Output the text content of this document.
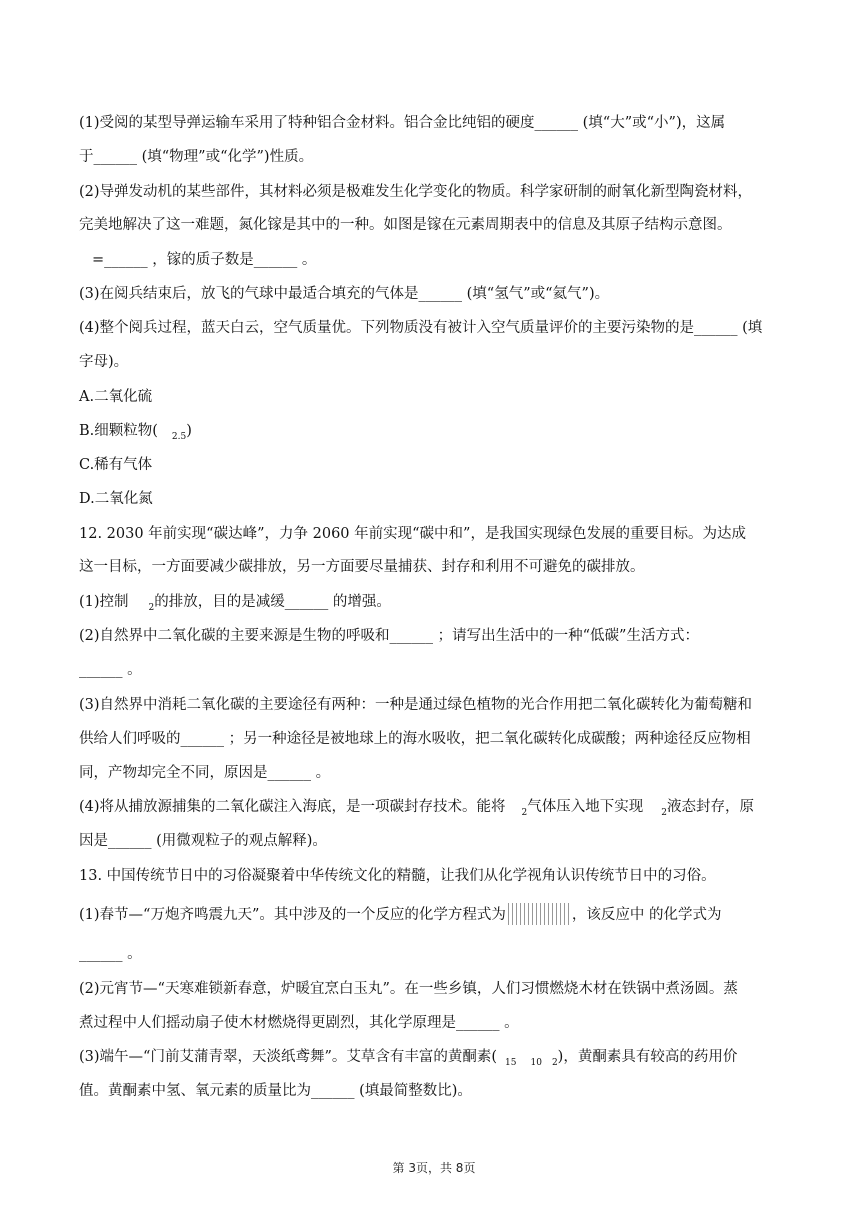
(1)受阅的某型导弹运输车采用了特种铝合金材料。铝合金比纯铝的硬度______ (填“大”或“小”)，这属
于______ (填“物理”或“化学”)性质。
(2)导弹发动机的某些部件，其材料必须是极难发生化学变化的物质。科学家研制的耐氧化新型陶瓷材料，
完美地解决了这一难题，氮化镓是其中的一种。如图是镓在元素周期表中的信息及其原子结构示意图。
=______ ，镓的质子数是______ 。
(3)在阅兵结束后，放飞的气球中最适合填充的气体是______ (填“氢气”或“氦气”)。
(4)整个阅兵过程，蓝天白云，空气质量优。下列物质没有被计入空气质量评价的主要污染物的是______ (填
字母)。
A.二氧化硫
B.细颗粒物( $_{2.5}$)
C.稀有气体
D.二氧化氮
12. 2030 年前实现“碳达峰”，力争 2060 年前实现“碳中和”，是我国实现绿色发展的重要目标。为达成
这一目标，一方面要减少碳排放，另一方面要尽量捕获、封存和利用不可避免的碳排放。
(1)控制 $_2$的排放，目的是减缓______ 的增强。
(2)自然界中二氧化碳的主要来源是生物的呼吸和______ ；请写出生活中的一种“低碳”生活方式：
______ 。
(3)自然界中消耗二氧化碳的主要途径有两种：一种是通过绿色植物的光合作用把二氧化碳转化为葡萄糖和
供给人们呼吸的______ ；另一种途径是被地球上的海水吸收，把二氧化碳转化成碳酸；两种途径反应物相
同，产物却完全不同，原因是______ 。
(4)将从捕放源捕集的二氧化碳注入海底，是一项碳封存技术。能将 $_2$气体压入地下实现 $_2$液态封存，原
因是______ (用微观粒子的观点解释)。
13. 中国传统节日中的习俗凝聚着中华传统文化的精髓，让我们从化学视角认识传统节日中的习俗。
(1)春节—“万炮齐鸣震九天”。其中涉及的一个反应的化学方程式为	，该反应中 的化学式为
______ 。
(2)元宵节—“天寒难锁新春意，炉暖宜烹白玉丸”。在一些乡镇，人们习惯燃烧木材在铁锅中煮汤圆。蒸
煮过程中人们摇动扇子使木材燃烧得更剧烈，其化学原理是______ 。
(3)端午—“门前艾蒲青翠，天淡纸鸢舞”。艾草含有丰富的黄酮素( $_{15}$ $_{10}$ $_2$)，黄酮素具有较高的药用价
值。黄酮素中氢、氧元素的质量比为______ (填最简整数比)。
第 3页，共 8页
